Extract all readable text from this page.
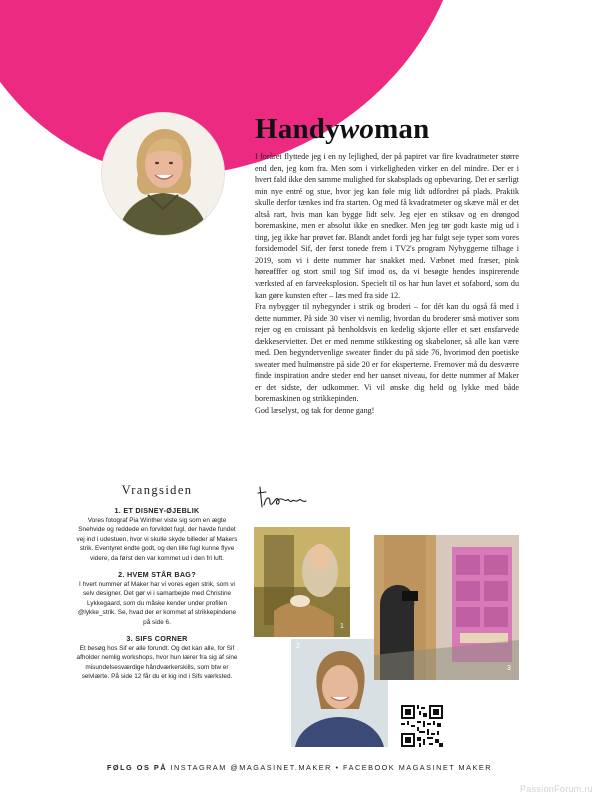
Handywoman

I foråret flyttede jeg i en ny lejlighed, der på papiret var fire kvadratmeter større end den, jeg kom fra. Men som i virkeligheden virker en del mindre. Der er i hvert fald ikke den samme mulighed for skabsplads og opbevaring. Det er særligt min nye entré og stue, hvor jeg kan føle mig lidt udfordret på plads. Praktik skulle derfor tænkes ind fra starten. Og med få kvadratmeter og skæve mål er det altså rart, hvis man kan bygge lidt selv. Jeg ejer en stiksav og en drøngod boremaskine, men er absolut ikke en snedker. Men jeg tør godt kaste mig ud i ting, jeg ikke har prøvet før. Blandt andet fordi jeg har fulgt seje typer som vores forsidemodel Sif, der først tonede frem i TV2's program Nybyggerne tilbage i 2019, som vi i dette nummer har snakket med. Væbnet med fræser, pink høreøfffer og stort smil tog Sif imod os, da vi besøgte hendes inspirerende værksted af en farveeksplosion. Specielt til os har hun lavet et sofabord, som du kan gøre kunsten efter – læs med fra side 12.

Fra nybygger til nybegynder i strik og broderi – for dét kan du også få med i dette nummer. På side 30 viser vi nemlig, hvordan du broderer små motiver som rejer og en croissant på henholdsvis en kedelig skjorte eller et sæt ensfarvede dækkeservietter. Det er med nemme stikkesting og skabeloner, så alle kan være med. Den begyndervenlige sweater finder du på side 76, hvorimod den poetiske sweater med hulmønstre på side 20 er for eksperterne. Fremover må du desværre finde inspiration andre steder end her uanset niveau, for dette nummer af Maker er det sidste, der udkommer. Vi vil ønske dig held og lykke med både boremaskinen og strikkepinden.

God læselyst, og tak for denne gang!

Vrangsiden
1. ET DISNEY-ØJEBLIK

Vores fotograf Pia Winther viste sig som en ægte Snehvide og reddede en forvildet fugl, der havde fundet vej ind i udestuen, hvor vi skulle skyde billeder af Makers strik. Eventyret endte godt, og den lille fugl kunne flyve videre, da først den var kommet ud i den fri luft.

2. HVEM STÅR BAG?

I hvert nummer af Maker har vi vores egen strik, som vi selv designer. Det gør vi i samarbejde med Christine Lykkegaard, som du måske kender under profilen @lykke_strik. Se, hvad der er kommet af strikkepindene på side 6.

3. SIFS CORNER

Et besøg hos Sif er alle forundt. Og det kan alle, for Sif afholder nemlig workshops, hvor hun lærer fra sig af sine misundelsesværdige håndværkerskills, som btw er selvlærte. På side 12 får du et kig ind i Sifs værksted.

1
2
3
FØLG OS PÅ INSTAGRAM @MAGASINET.MAKER • FACEBOOK MAGASINET MAKER
PassionForum.ru
